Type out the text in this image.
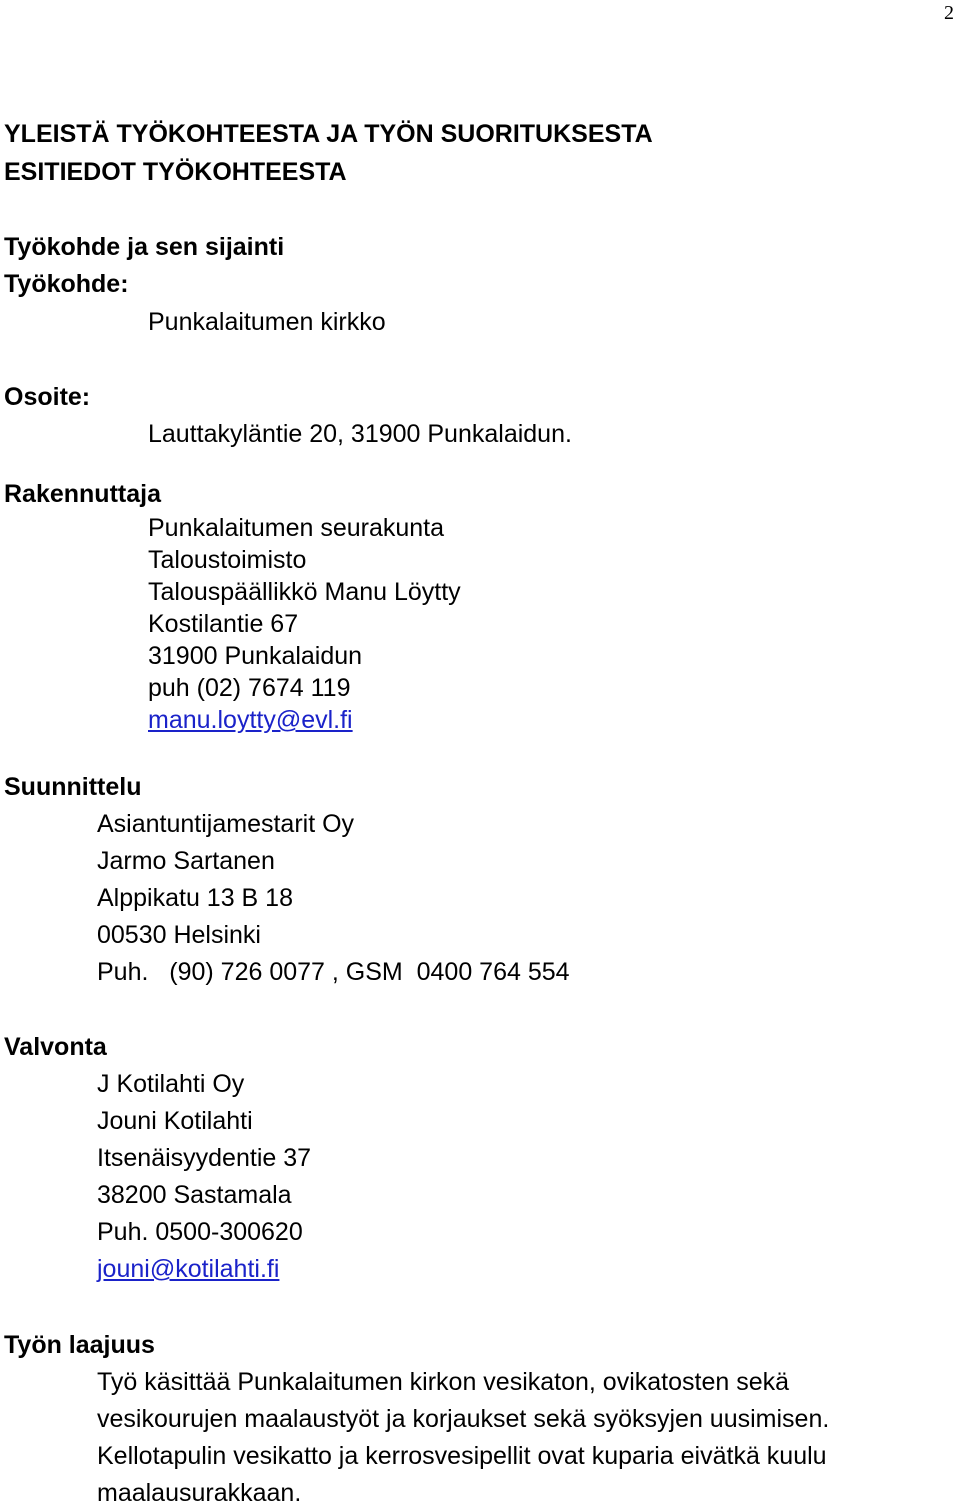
2
YLEISTÄ TYÖKOHTEESTA JA TYÖN SUORITUKSESTA
ESITIEDOT TYÖKOHTEESTA
Työkohde ja sen sijainti
Työkohde:
Punkalaitumen kirkko
Osoite:
Lauttakyläntie 20, 31900 Punkalaidun.
Rakennuttaja
Punkalaitumen seurakunta
Taloustoimisto
Talouspäällikkö Manu Löytty
Kostilantie 67
31900 Punkalaidun
puh (02) 7674 119
manu.loytty@evl.fi
Suunnittelu
Asiantuntijamestarit Oy
Jarmo Sartanen
Alppikatu 13 B 18
00530 Helsinki
Puh.   (90) 726 0077 , GSM  0400 764 554
Valvonta
J Kotilahti Oy
Jouni Kotilahti
Itsenäisyydentie 37
38200 Sastamala
Puh. 0500-300620
jouni@kotilahti.fi
Työn laajuus
Työ käsittää Punkalaitumen kirkon vesikaton, ovikatosten sekä
vesikourujen maalaustyöt ja korjaukset sekä syöksyjen uusimisen.
Kellotapulin vesikatto ja kerrosvesipellit ovat kuparia eivätkä kuulu
maalausurakkaan.
